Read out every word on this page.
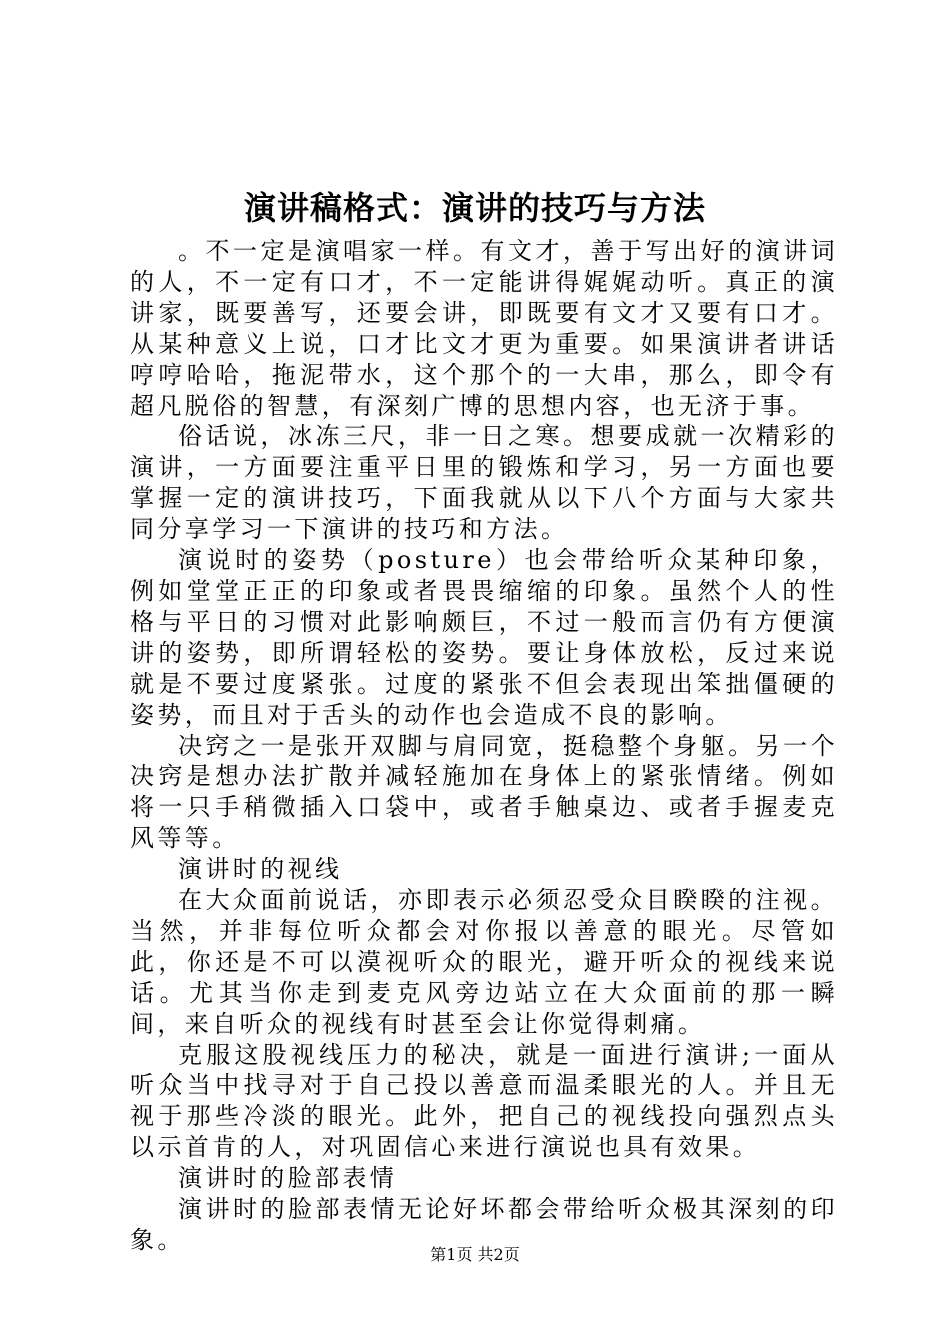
演讲稿格式：演讲的技巧与方法

。不一定是演唱家一样。有文才，善于写出好的演讲词的人，不一定有口才，不一定能讲得娓娓动听。真正的演讲家，既要善写，还要会讲，即既要有文才又要有口才。从某种意义上说，口才比文才更为重要。如果演讲者讲话哼哼哈哈，拖泥带水，这个那个的一大串，那么，即令有超凡脱俗的智慧，有深刻广博的思想内容，也无济于事。

俗话说，冰冻三尺，非一日之寒。想要成就一次精彩的演讲，一方面要注重平日里的锻炼和学习，另一方面也要掌握一定的演讲技巧，下面我就从以下八个方面与大家共同分享学习一下演讲的技巧和方法。

演说时的姿势（posture）也会带给听众某种印象，例如堂堂正正的印象或者畏畏缩缩的印象。虽然个人的性格与平日的习惯对此影响颇巨，不过一般而言仍有方便演讲的姿势，即所谓轻松的姿势。要让身体放松，反过来说就是不要过度紧张。过度的紧张不但会表现出笨拙僵硬的姿势，而且对于舌头的动作也会造成不良的影响。

决窍之一是张开双脚与肩同宽，挺稳整个身躯。另一个决窍是想办法扩散并减轻施加在身体上的紧张情绪。例如将一只手稍微插入口袋中，或者手触桌边、或者手握麦克风等等。

演讲时的视线

在大众面前说话，亦即表示必须忍受众目睽睽的注视。当然，并非每位听众都会对你报以善意的眼光。尽管如此，你还是不可以漠视听众的眼光，避开听众的视线来说话。尤其当你走到麦克风旁边站立在大众面前的那一瞬间，来自听众的视线有时甚至会让你觉得刺痛。

克服这股视线压力的秘决，就是一面进行演讲;一面从听众当中找寻对于自己投以善意而温柔眼光的人。并且无视于那些冷淡的眼光。此外，把自己的视线投向强烈点头以示首肯的人，对巩固信心来进行演说也具有效果。

演讲时的脸部表情

演讲时的脸部表情无论好坏都会带给听众极其深刻的印象。

第1页 共2页
